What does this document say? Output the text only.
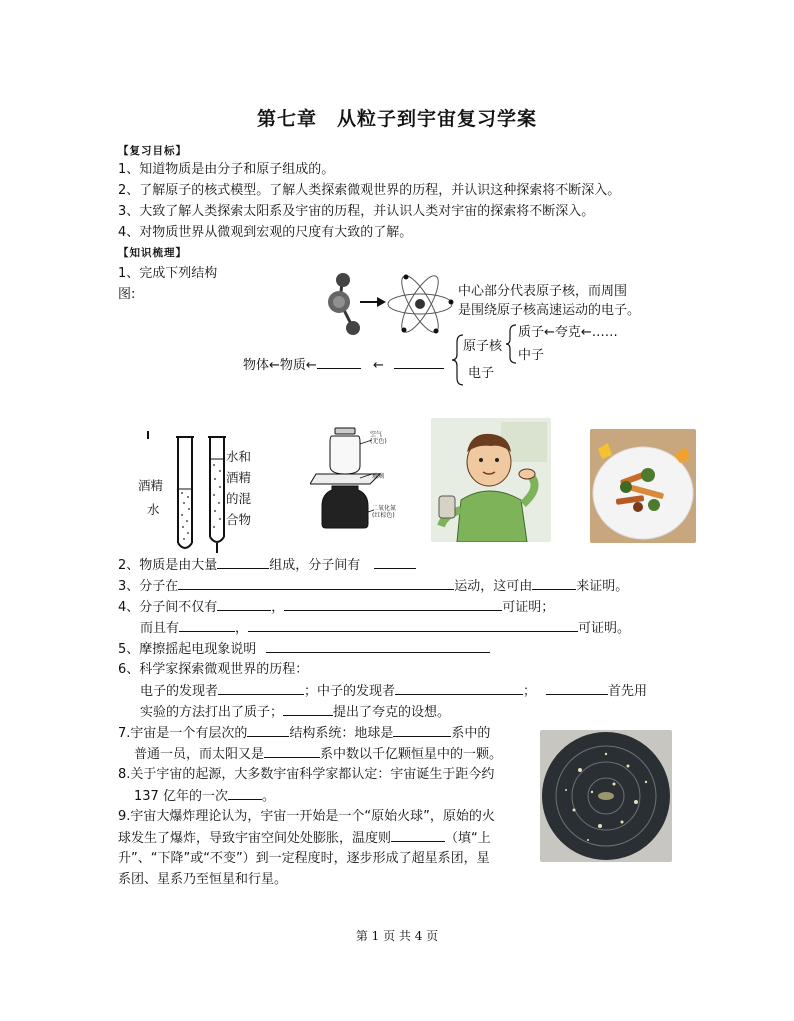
第七章　从粒子到宇宙复习学案
【复习目标】
1、知道物质是由分子和原子组成的。
2、了解原子的核式模型。了解人类探索微观世界的历程，并认识这种探索将不断深入。
3、大致了解人类探索太阳系及宇宙的历程，并认识人类对宇宙的探索将不断深入。
4、对物质世界从微观到宏观的尺度有大致的了解。
【知识梳理】
1、完成下列结构
图:	中心部分代表原子核，而周围
是围绕原子核高速运动的电子。
物体←物质←	←
原子核
电子
质子←夸克←……
中子
酒精
水
水和
酒精
的混
合物
空气
(无色)
玻璃
二氧化氮
(红棕色)
2、物质是由大量	组成，分子间有
3、分子在	运动，这可由	来证明。
4、分子间不仅有	，	可证明；
而且有	，	可证明。
5、摩擦摇起电现象说明
6、科学家探索微观世界的历程：
电子的发现者	；中子的发现者	；	首先用
实验的方法打出了质子；	提出了夸克的设想。
7.宇宙是一个有层次的	结构系统：地球是	系中的
普通一员，而太阳又是	系中数以千亿颗恒星中的一颗。
8.关于宇宙的起源，大多数宇宙科学家都认定：宇宙诞生于距今约
137 亿年的一次	。
9.宇宙大爆炸理论认为，宇宙一开始是一个“原始火球”，原始的火
球发生了爆炸，导致宇宙空间处处膨胀，温度则	（填“上
升”、“下降”或“不变”）到一定程度时，逐步形成了超星系团，星
系团、星系乃至恒星和行星。
第 1 页 共 4 页
